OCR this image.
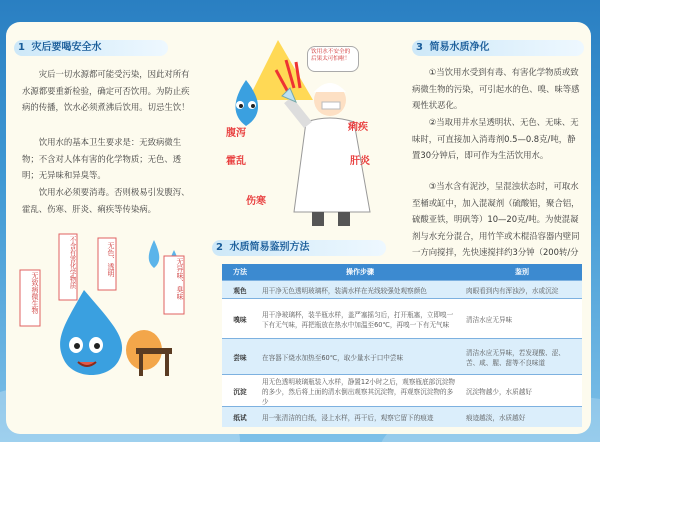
1 灾后要喝安全水

灾后一切水源都可能受污染，因此对所有水源都要重新检验，确定可否饮用。为防止疾病的传播，饮水必须煮沸后饮用。切忌生饮！

饮用水的基本卫生要求是：无致病微生物；不含对人体有害的化学物质；无色、透明；无异味和异臭等。

饮用水必须要消毒。否则极易引发腹泻、霍乱、伤寒、肝炎、痢疾等传染病。

无致病微生物
不含有害化学物质	无色、透明	无异味、臭味
饮用水不安全的后果太可怕啦！
腹泻
霍乱
伤寒
痢疾
肝炎
3 简易水质净化

①当饮用水受到有毒、有害化学物质或致病微生物的污染，可引起水的色、嗅、味等感观性状恶化。

②当取用井水呈透明状、无色、无味、无味时，可直接加入消毒剂0.5—0.8克/吨，静置30分钟后，即可作为生活饮用水。

③当水含有泥沙，呈混浊状态时，可取水至桶或缸中，加入混凝剂（硫酸铝，聚合铝，硫酸亚铁，明矾等）10—20克/吨。为使混凝剂与水充分混合，用竹竿或木棍沿容器内壁同一方向搅拌，先快速搅拌约3分钟（200转/分

2 水质简易鉴别方法
方法	操作步骤	鉴别
观色	用干净无色透明玻璃杯，装满水样在光线较强处观察颜色	肉眼看到内有浑浊沙，水或沉淀
嗅味	用干净玻璃杯，装半瓶水样，盖严塞摇匀后，打开瓶塞，立即嗅一下有无气味，再把瓶放在热水中加温至60℃，再嗅一下有无气味	清洁水应无异味
尝味	在容器下烧水加热至60℃，取少量水于口中尝味	清洁水应无异味，若发现酸、涩、苦、咸、腥、甜等不良味道
沉淀	用无色透明玻璃瓶装入水样，静置12小时之后，观察瓶底部沉淀物的多少，然后将上面的清水倒出观察其沉淀物，再观察沉淀物的多少	沉淀物越少，水质越好
纸试	用一张清洁的白纸，浸上水样，再干后，观察它留下的痕迹	痕迹越淡，水质越好
